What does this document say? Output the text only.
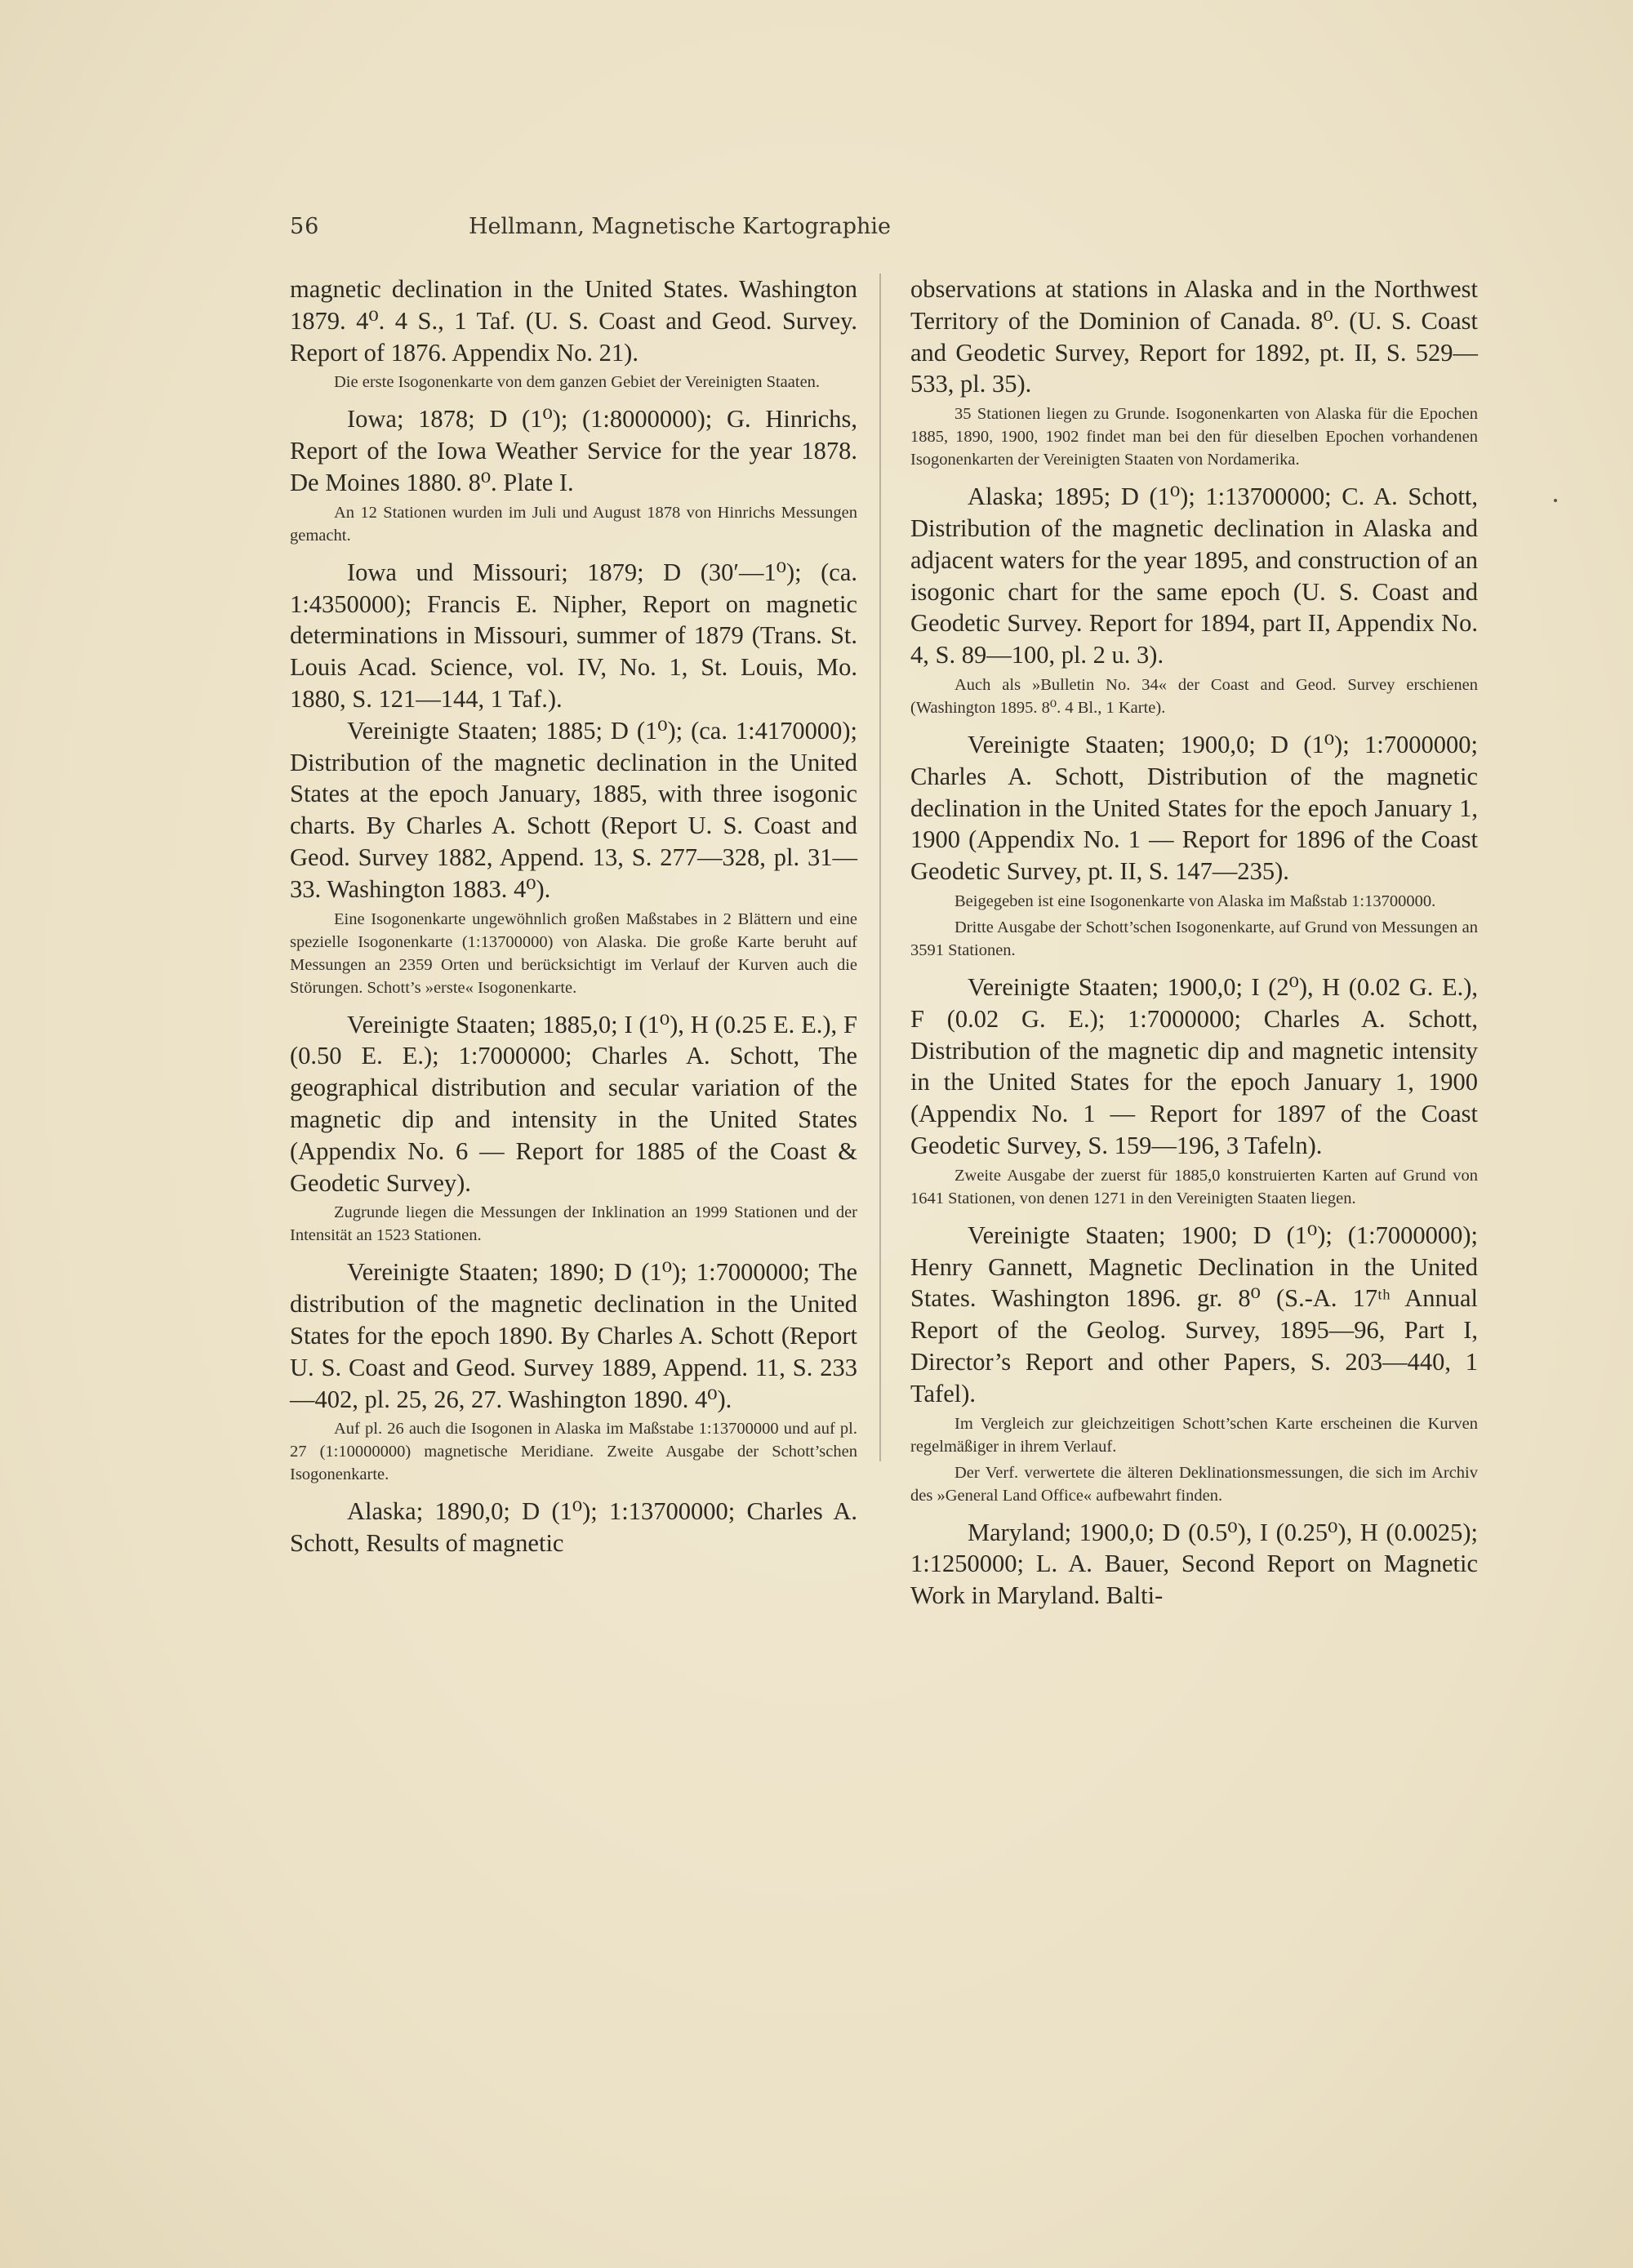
56	Hellmann, Magnetische Kartographie

magnetic declination in the United States. Washington 1879. 4⁰. 4 S., 1 Taf. (U. S. Coast and Geod. Survey. Report of 1876. Appendix No. 21).

Die erste Isogonenkarte von dem ganzen Gebiet der Vereinigten Staaten.

Iowa; 1878; D (1⁰); (1:8000000); G. Hinrichs, Report of the Iowa Weather Service for the year 1878. De Moines 1880. 8⁰. Plate I.

An 12 Stationen wurden im Juli und August 1878 von Hinrichs Messungen gemacht.

Iowa und Missouri; 1879; D (30′—1⁰); (ca. 1:4350000); Francis E. Nipher, Report on magnetic determinations in Missouri, summer of 1879 (Trans. St. Louis Acad. Science, vol. IV, No. 1, St. Louis, Mo. 1880, S. 121—144, 1 Taf.).

Vereinigte Staaten; 1885; D (1⁰); (ca. 1:4170000); Distribution of the magnetic declination in the United States at the epoch January, 1885, with three isogonic charts. By Charles A. Schott (Report U. S. Coast and Geod. Survey 1882, Append. 13, S. 277—328, pl. 31—33. Washington 1883. 4⁰).

Eine Isogonenkarte ungewöhnlich großen Maßstabes in 2 Blättern und eine spezielle Isogonenkarte (1:13700000) von Alaska. Die große Karte beruht auf Messungen an 2359 Orten und berücksichtigt im Verlauf der Kurven auch die Störungen. Schott’s »erste« Isogonenkarte.

Vereinigte Staaten; 1885,0; I (1⁰), H (0.25 E. E.), F (0.50 E. E.); 1:7000000; Charles A. Schott, The geographical distribution and secular variation of the magnetic dip and intensity in the United States (Appendix No. 6 — Report for 1885 of the Coast & Geodetic Survey).

Zugrunde liegen die Messungen der Inklination an 1999 Stationen und der Intensität an 1523 Stationen.

Vereinigte Staaten; 1890; D (1⁰); 1:7000000; The distribution of the magnetic declination in the United States for the epoch 1890. By Charles A. Schott (Report U. S. Coast and Geod. Survey 1889, Append. 11, S. 233—402, pl. 25, 26, 27. Washington 1890. 4⁰).

Auf pl. 26 auch die Isogonen in Alaska im Maßstabe 1:13700000 und auf pl. 27 (1:10000000) magnetische Meridiane. Zweite Ausgabe der Schott’schen Isogonenkarte.

Alaska; 1890,0; D (1⁰); 1:13700000; Charles A. Schott, Results of magnetic

observations at stations in Alaska and in the Northwest Territory of the Dominion of Canada. 8⁰. (U. S. Coast and Geodetic Survey, Report for 1892, pt. II, S. 529—533, pl. 35).

35 Stationen liegen zu Grunde. Isogonenkarten von Alaska für die Epochen 1885, 1890, 1900, 1902 findet man bei den für dieselben Epochen vorhandenen Isogonenkarten der Vereinigten Staaten von Nordamerika.

Alaska; 1895; D (1⁰); 1:13700000; C. A. Schott, Distribution of the magnetic declination in Alaska and adjacent waters for the year 1895, and construction of an isogonic chart for the same epoch (U. S. Coast and Geodetic Survey. Report for 1894, part II, Appendix No. 4, S. 89—100, pl. 2 u. 3).

Auch als »Bulletin No. 34« der Coast and Geod. Survey erschienen (Washington 1895. 8⁰. 4 Bl., 1 Karte).

Vereinigte Staaten; 1900,0; D (1⁰); 1:7000000; Charles A. Schott, Distribution of the magnetic declination in the United States for the epoch January 1, 1900 (Appendix No. 1 — Report for 1896 of the Coast Geodetic Survey, pt. II, S. 147—235).

Beigegeben ist eine Isogonenkarte von Alaska im Maßstab 1:13700000.

Dritte Ausgabe der Schott’schen Isogonenkarte, auf Grund von Messungen an 3591 Stationen.

Vereinigte Staaten; 1900,0; I (2⁰), H (0.02 G. E.), F (0.02 G. E.); 1:7000000; Charles A. Schott, Distribution of the magnetic dip and magnetic intensity in the United States for the epoch January 1, 1900 (Appendix No. 1 — Report for 1897 of the Coast Geodetic Survey, S. 159—196, 3 Tafeln).

Zweite Ausgabe der zuerst für 1885,0 konstruierten Karten auf Grund von 1641 Stationen, von denen 1271 in den Vereinigten Staaten liegen.

Vereinigte Staaten; 1900; D (1⁰); (1:7000000); Henry Gannett, Magnetic Declination in the United States. Washington 1896. gr. 8⁰ (S.-A. 17ᵗʰ Annual Report of the Geolog. Survey, 1895—96, Part I, Director’s Report and other Papers, S. 203—440, 1 Tafel).

Im Vergleich zur gleichzeitigen Schott’schen Karte erscheinen die Kurven regelmäßiger in ihrem Verlauf.

Der Verf. verwertete die älteren Deklinationsmessungen, die sich im Archiv des »General Land Office« aufbewahrt finden.

Maryland; 1900,0; D (0.5⁰), I (0.25⁰), H (0.0025); 1:1250000; L. A. Bauer, Second Report on Magnetic Work in Maryland. Balti-
